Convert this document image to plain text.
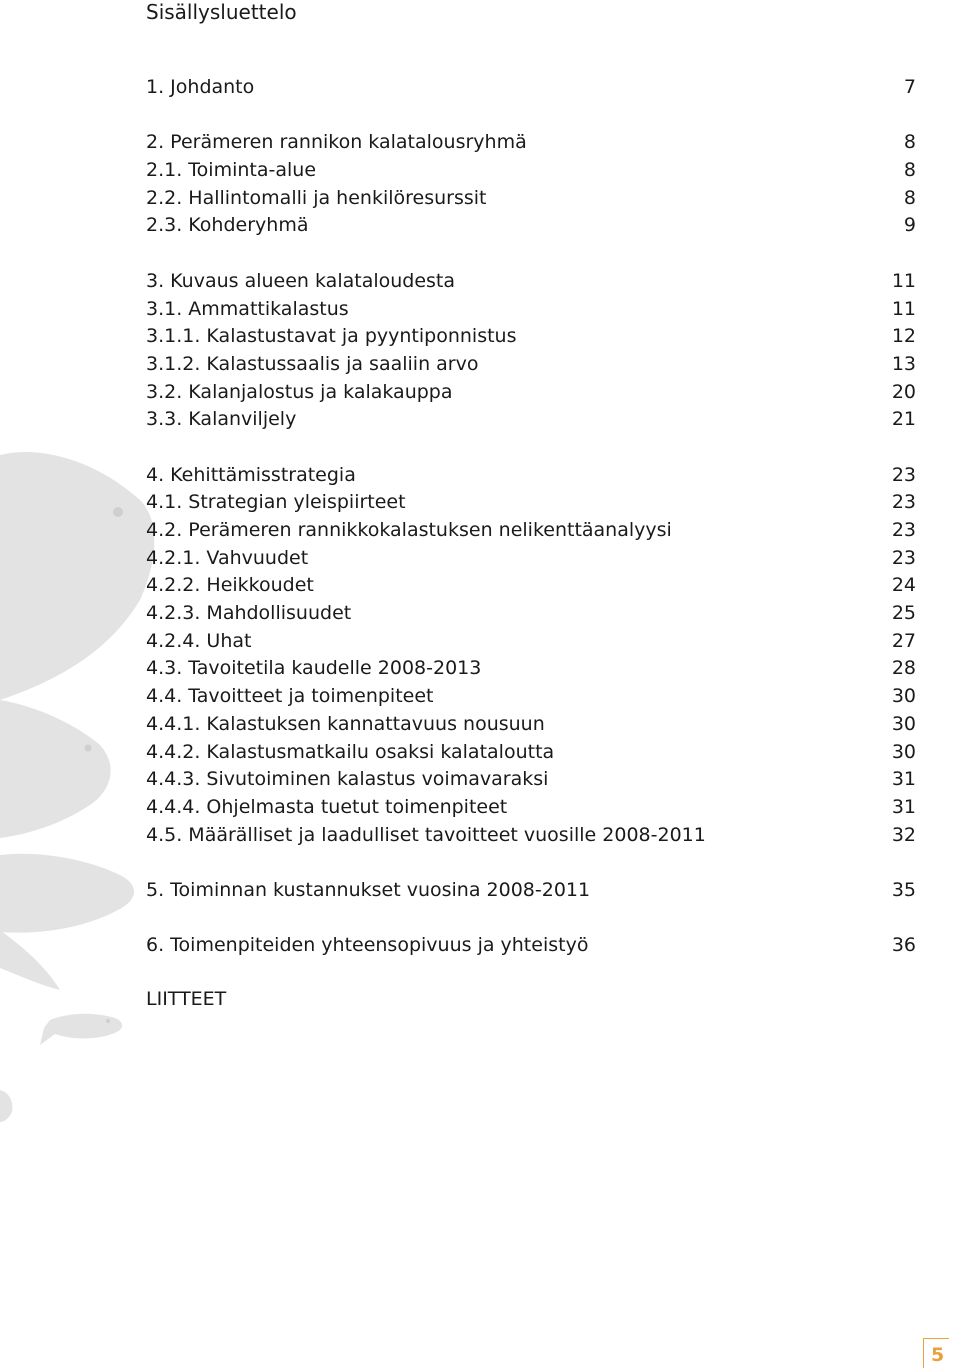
Sisällysluettelo
1. Johdanto	7
2. Perämeren rannikon kalatalousryhmä	8
2.1. Toiminta-alue	8
2.2. Hallintomalli ja henkilöresurssit	8
2.3. Kohderyhmä	9
3. Kuvaus alueen kalataloudesta	11
3.1. Ammattikalastus	11
3.1.1. Kalastustavat ja pyyntiponnistus	12
3.1.2. Kalastussaalis ja saaliin arvo	13
3.2. Kalanjalostus ja kalakauppa	20
3.3. Kalanviljely	21
4. Kehittämisstrategia	23
4.1. Strategian yleispiirteet	23
4.2. Perämeren rannikkokalastuksen nelikenttäanalyysi	23
4.2.1. Vahvuudet	23
4.2.2. Heikkoudet	24
4.2.3. Mahdollisuudet	25
4.2.4. Uhat	27
4.3. Tavoitetila kaudelle 2008-2013	28
4.4. Tavoitteet ja toimenpiteet	30
4.4.1. Kalastuksen kannattavuus nousuun	30
4.4.2. Kalastusmatkailu osaksi kalataloutta	30
4.4.3. Sivutoiminen kalastus voimavaraksi	31
4.4.4. Ohjelmasta tuetut toimenpiteet	31
4.5. Määrälliset ja laadulliset tavoitteet vuosille 2008-2011	32
5. Toiminnan kustannukset vuosina 2008-2011	35
6. Toimenpiteiden yhteensopivuus ja yhteistyö	36
LIITTEET
5
